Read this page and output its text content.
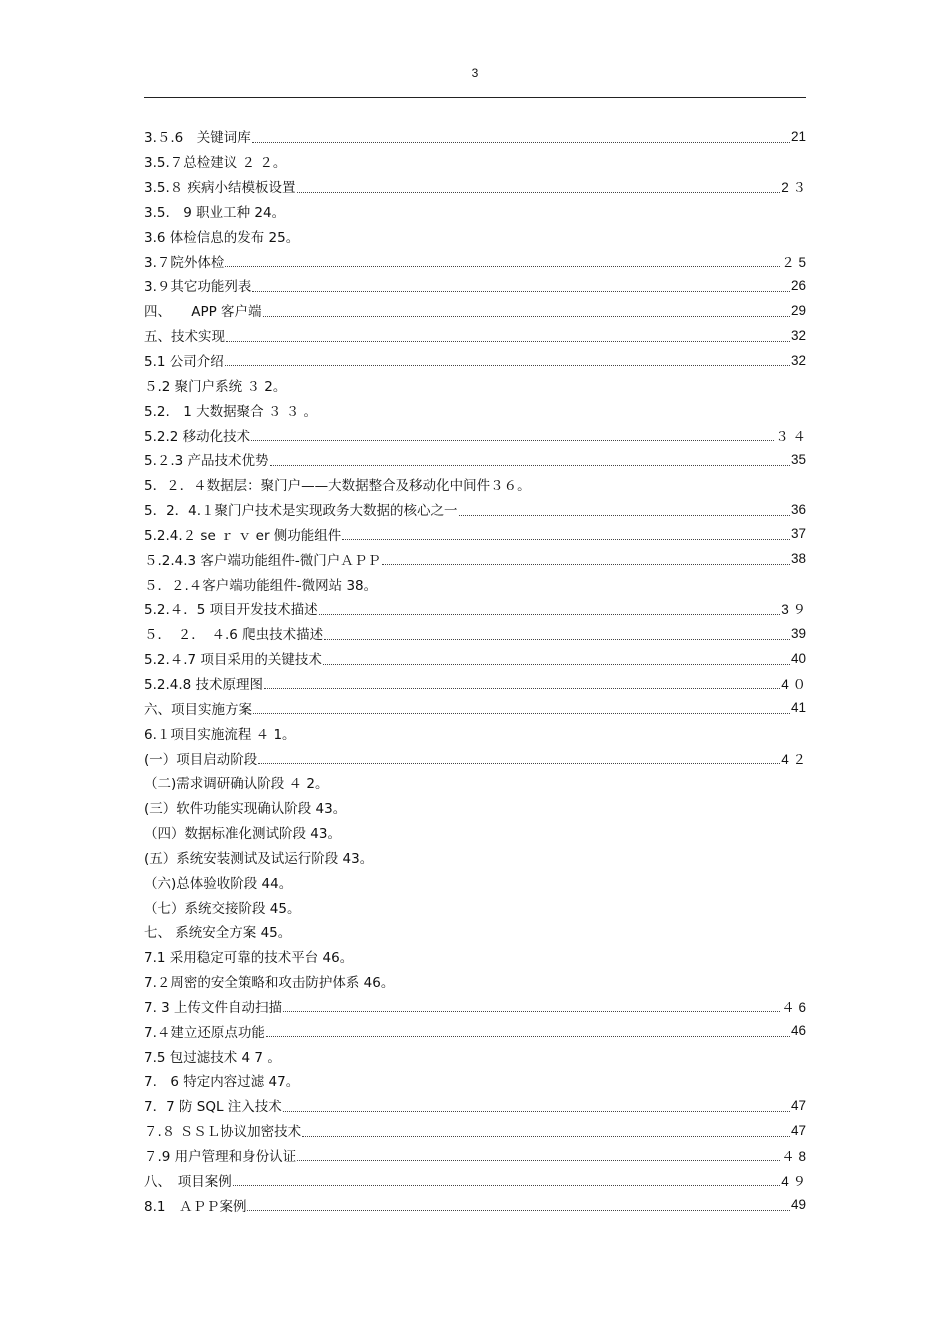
3
3.５.6　关键词库	21
3.5.７总检建议 ２ ２。
3.5.８ 疾病小结模板设置	2 ３
3.5.　9 职业工种 24。
3.6 体检信息的发布 25。
3.７院外体检	２ 5
3.９其它功能列表	26
四、　　APP 客户端	29
五、技术实现	32
5.1 公司介绍	32
５.2 聚门户系统 ３ 2。
5.2.　1 大数据聚合 ３ ３ 。
5.2.2 移动化技术	３ ４
5.２.3 产品技术优势	35
5．２．４数据层：聚门户——大数据整合及移动化中间件３６。
5．2．4.１聚门户技术是实现政务大数据的核心之一	36
5.2.4.２ se ｒ ｖ er 侧功能组件	37
５.2.4.3 客户端功能组件-微门户ＡＰＰ	38
５．２.４客户端功能组件-微网站 38。
5.2.４．5 项目开发技术描述	3 ９
５．　２．　４.6 爬虫技术描述	39
5.2.４.7 项目采用的关键技术	40
5.2.4.8 技术原理图	4 ０
六、项目实施方案	41
6.１项目实施流程 ４ 1。
(一）项目启动阶段	4 ２
（二)需求调研确认阶段 ４ 2。
(三）软件功能实现确认阶段 43。
（四）数据标准化测试阶段 43。
(五）系统安装测试及试运行阶段 43。
（六)总体验收阶段 44。
（七）系统交接阶段 45。
七、 系统安全方案 45。
7.1 采用稳定可靠的技术平台 46。
7.２周密的安全策略和攻击防护体系 46。
7. 3 上传文件自动扫描	４ 6
7.４建立还原点功能	46
7.5 包过滤技术 4 7 。
7.　6 特定内容过滤 47。
7．7 防 SQL 注入技术	47
７.８ ＳＳＬ协议加密技术	47
７.9 用户管理和身份认证	４ 8
八、　项目案例	4 ９
8.1　ＡＰＰ案例	49
